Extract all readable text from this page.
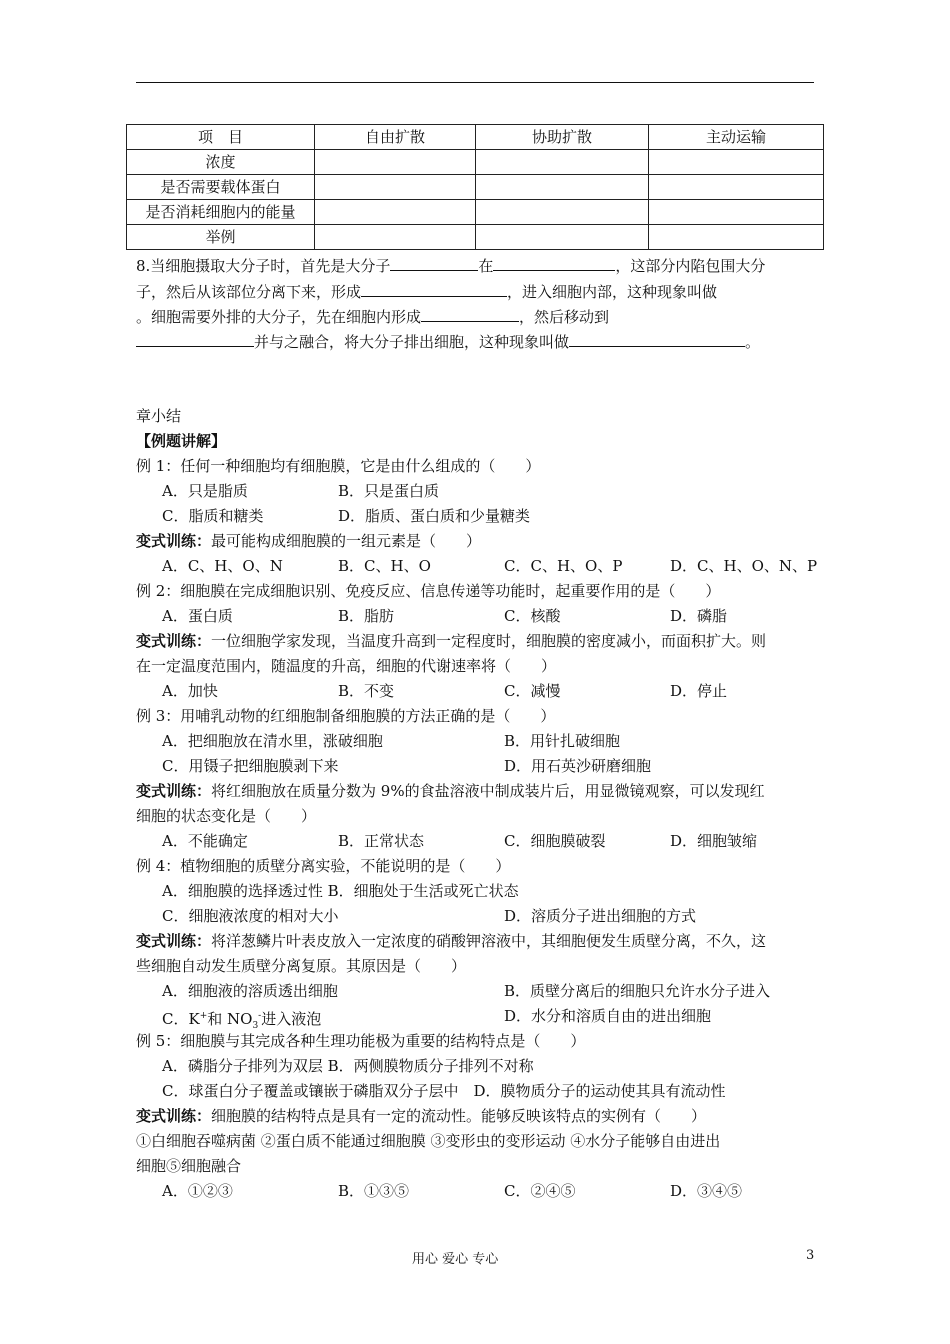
项　目	自由扩散	协助扩散	主动运输
浓度			
是否需要载体蛋白			
是否消耗细胞内的能量			
举例			
8.当细胞摄取大分子时，首先是大分子	在	，这部分内陷包围大分
子，然后从该部位分离下来，形成	，进入细胞内部，这种现象叫做
。细胞需要外排的大分子，先在细胞内形成	，然后移动到
并与之融合，将大分子排出细胞，这种现象叫做	。
章小结
【例题讲解】
例 1：任何一种细胞均有细胞膜，它是由什么组成的（　　）
A．只是脂质	B．只是蛋白质
C．脂质和糖类	D．脂质、蛋白质和少量糖类
变式训练：最可能构成细胞膜的一组元素是（　　）
A．C、H、O、N	B．C、H、O	C．C、H、O、P	D．C、H、O、N、P
例 2：细胞膜在完成细胞识别、免疫反应、信息传递等功能时，起重要作用的是（　　）
A．蛋白质	B．脂肪	C．核酸	D．磷脂
变式训练：一位细胞学家发现，当温度升高到一定程度时，细胞膜的密度减小，而面积扩大。则
在一定温度范围内，随温度的升高，细胞的代谢速率将（　　）
A．加快	B．不变	C．减慢	D．停止
例 3：用哺乳动物的红细胞制备细胞膜的方法正确的是（　　）
A．把细胞放在清水里，涨破细胞	B．用针扎破细胞
C．用镊子把细胞膜剥下来	D．用石英沙研磨细胞
变式训练：将红细胞放在质量分数为 9%的食盐溶液中制成装片后，用显微镜观察，可以发现红
细胞的状态变化是（　　）
A．不能确定	B．正常状态	C．细胞膜破裂	D．细胞皱缩
例 4：植物细胞的质壁分离实验，不能说明的是（　　）
A．细胞膜的选择透过性 B．细胞处于生活或死亡状态
C．细胞液浓度的相对大小	D．溶质分子进出细胞的方式
变式训练：将洋葱鳞片叶表皮放入一定浓度的硝酸钾溶液中，其细胞便发生质壁分离，不久，这
些细胞自动发生质壁分离复原。其原因是（　　）
A．细胞液的溶质透出细胞	B．质壁分离后的细胞只允许水分子进入
C．K+和 $NO_3^-$进入液泡	D．水分和溶质自由的进出细胞
例 5：细胞膜与其完成各种生理功能极为重要的结构特点是（　　）
A．磷脂分子排列为双层 B．两侧膜物质分子排列不对称
C．球蛋白分子覆盖或镶嵌于磷脂双分子层中　D．膜物质分子的运动使其具有流动性
变式训练：细胞膜的结构特点是具有一定的流动性。能够反映该特点的实例有（　　）
①白细胞吞噬病菌 ②蛋白质不能通过细胞膜 ③变形虫的变形运动 ④水分子能够自由进出
细胞⑤细胞融合
A．①②③	B．①③⑤	C．②④⑤	D．③④⑤
用心 爱心 专心	3
